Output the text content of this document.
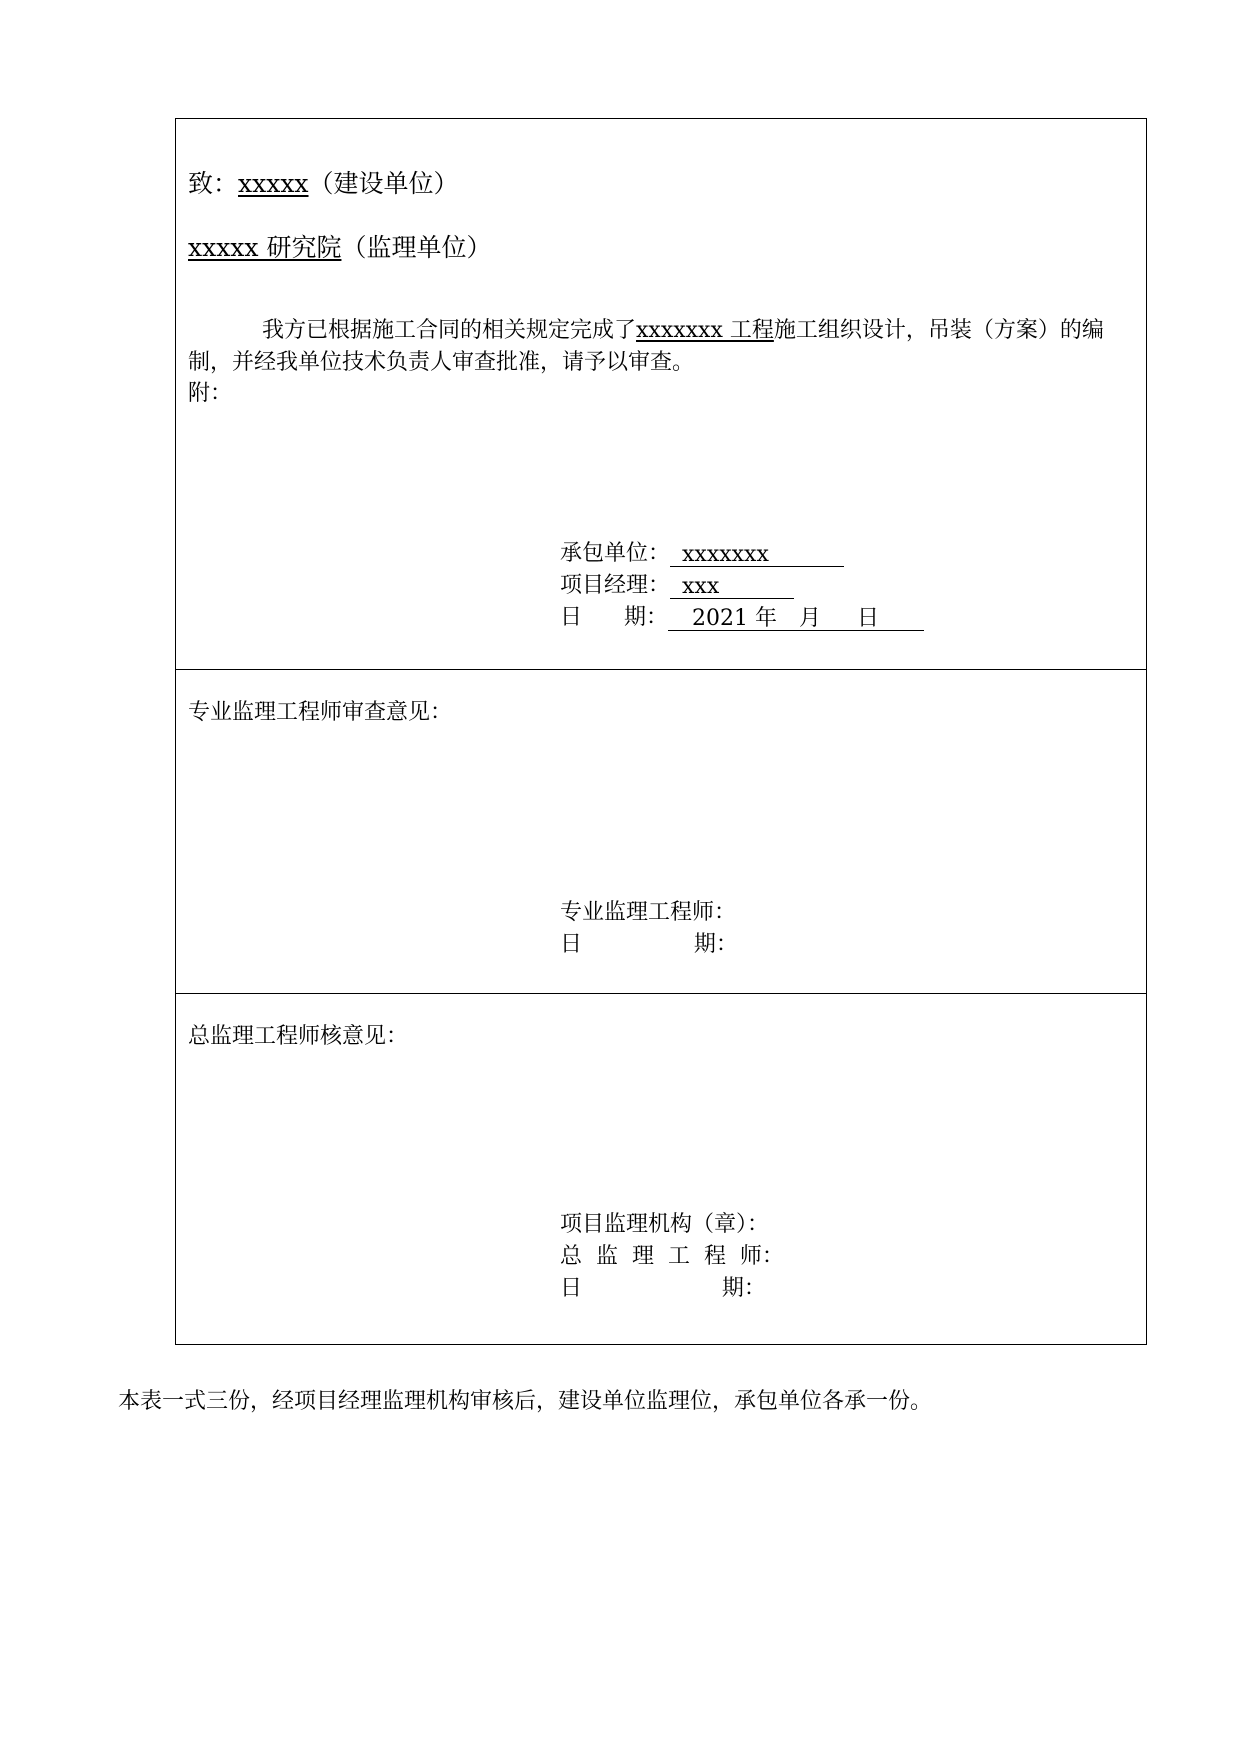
致：xxxxx（建设单位）
xxxxx 研究院（监理单位）
我方已根据施工合同的相关规定完成了xxxxxxx 工程施工组织设计，吊装（方案）的编制，并经我单位技术负责人审查批准，请予以审查。
附：
承包单位： xxxxxxx
项目经理： xxx
日      期： 2021 年 月 日
专业监理工程师审查意见：
专业监理工程师：
日                期：
总监理工程师核意见：
项目监理机构（章）：
总  监  理  工  程  师：
日                    期：
本表一式三份，经项目经理监理机构审核后，建设单位监理位，承包单位各承一份。
